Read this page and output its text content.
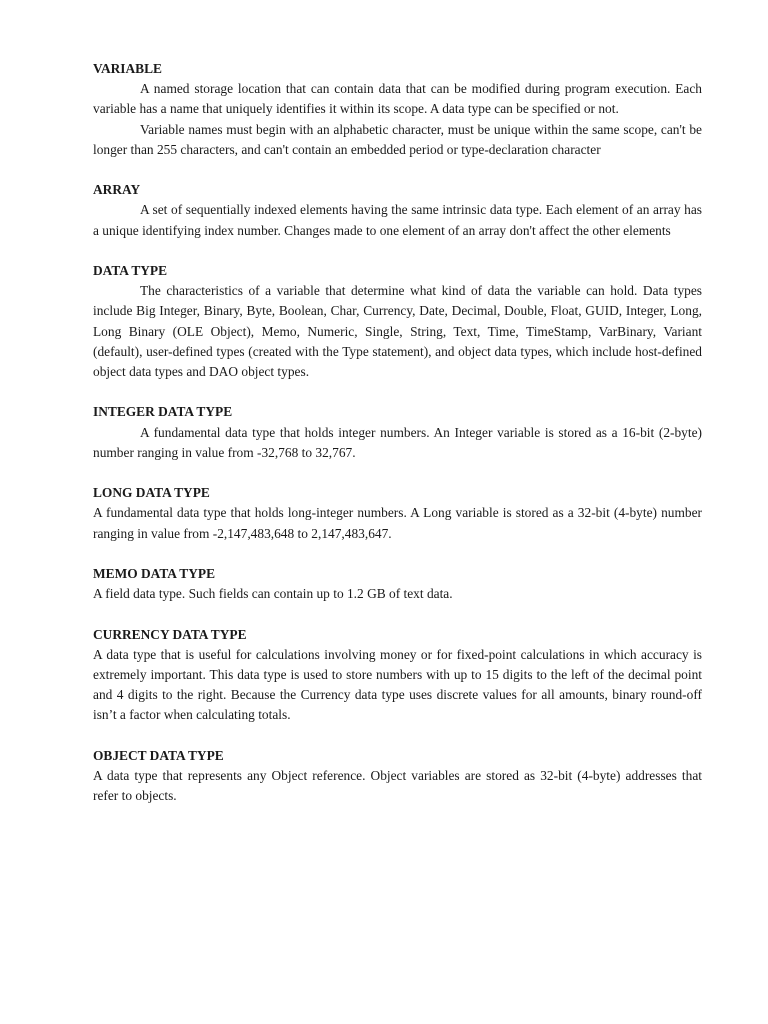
VARIABLE

A named storage location that can contain data that can be modified during program execution. Each variable has a name that uniquely identifies it within its scope. A data type can be specified or not.

Variable names must begin with an alphabetic character, must be unique within the same scope, can't be longer than 255 characters, and can't contain an embedded period or type-declaration character

ARRAY

A set of sequentially indexed elements having the same intrinsic data type. Each element of an array has a unique identifying index number. Changes made to one element of an array don't affect the other elements

DATA TYPE

The characteristics of a variable that determine what kind of data the variable can hold. Data types include Big Integer, Binary, Byte, Boolean, Char, Currency, Date, Decimal, Double, Float, GUID, Integer, Long, Long Binary (OLE Object), Memo, Numeric, Single, String, Text, Time, TimeStamp, VarBinary, Variant (default), user-defined types (created with the Type statement), and object data types, which include host-defined object data types and DAO object types.

INTEGER DATA TYPE

A fundamental data type that holds integer numbers. An Integer variable is stored as a 16-bit (2-byte) number ranging in value from -32,768 to 32,767.

LONG DATA TYPE

A fundamental data type that holds long-integer numbers. A Long variable is stored as a 32-bit (4-byte) number ranging in value from -2,147,483,648 to 2,147,483,647.

MEMO DATA TYPE

A field data type. Such fields can contain up to 1.2 GB of text data.

CURRENCY DATA TYPE

A data type that is useful for calculations involving money or for fixed-point calculations in which accuracy is extremely important. This data type is used to store numbers with up to 15 digits to the left of the decimal point and 4 digits to the right. Because the Currency data type uses discrete values for all amounts, binary round-off isn’t a factor when calculating totals.

OBJECT DATA TYPE

A data type that represents any Object reference. Object variables are stored as 32-bit (4-byte) addresses that refer to objects.
